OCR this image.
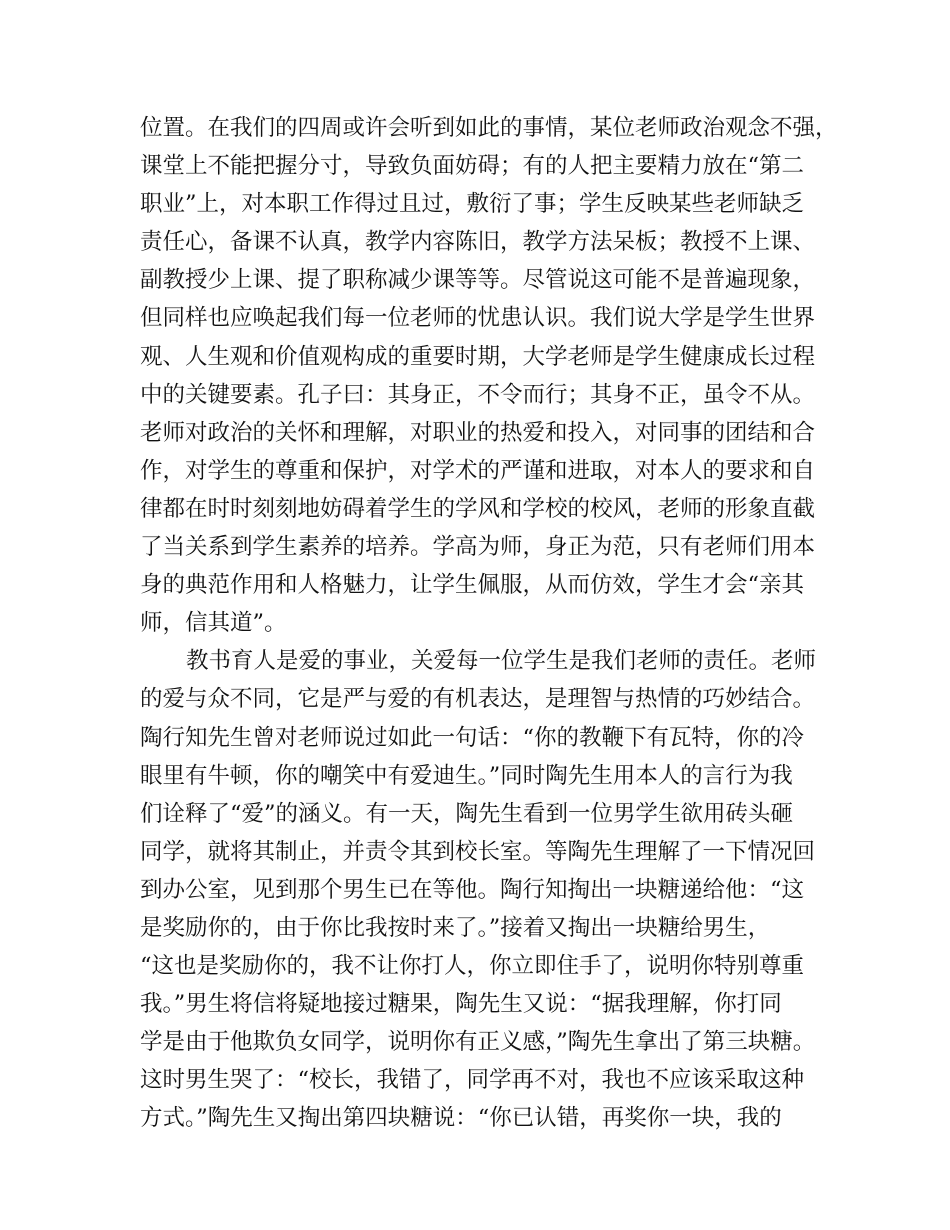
位置。在我们的四周或许会听到如此的事情，某位老师政治观念不强，
课堂上不能把握分寸，导致负面妨碍；有的人把主要精力放在“第二
职业”上，对本职工作得过且过，敷衍了事；学生反映某些老师缺乏
责任心，备课不认真，教学内容陈旧，教学方法呆板；教授不上课、
副教授少上课、提了职称减少课等等。尽管说这可能不是普遍现象，
但同样也应唤起我们每一位老师的忧患认识。我们说大学是学生世界
观、人生观和价值观构成的重要时期，大学老师是学生健康成长过程
中的关键要素。孔子曰：其身正，不令而行；其身不正，虽令不从。
老师对政治的关怀和理解，对职业的热爱和投入，对同事的团结和合
作，对学生的尊重和保护，对学术的严谨和进取，对本人的要求和自
律都在时时刻刻地妨碍着学生的学风和学校的校风，老师的形象直截
了当关系到学生素养的培养。学高为师，身正为范，只有老师们用本
身的典范作用和人格魅力，让学生佩服，从而仿效，学生才会“亲其
师，信其道”。
教书育人是爱的事业，关爱每一位学生是我们老师的责任。老师
的爱与众不同，它是严与爱的有机表达，是理智与热情的巧妙结合。
陶行知先生曾对老师说过如此一句话：“你的教鞭下有瓦特，你的冷
眼里有牛顿，你的嘲笑中有爱迪生。”同时陶先生用本人的言行为我
们诠释了“爱”的涵义。有一天，陶先生看到一位男学生欲用砖头砸
同学，就将其制止，并责令其到校长室。等陶先生理解了一下情况回
到办公室，见到那个男生已在等他。陶行知掏出一块糖递给他：“这
是奖励你的，由于你比我按时来了。”接着又掏出一块糖给男生，
“这也是奖励你的，我不让你打人，你立即住手了，说明你特别尊重
我。”男生将信将疑地接过糖果，陶先生又说：“据我理解，你打同
学是由于他欺负女同学，说明你有正义感，”陶先生拿出了第三块糖。
这时男生哭了：“校长，我错了，同学再不对，我也不应该采取这种
方式。”陶先生又掏出第四块糖说：“你已认错，再奖你一块，我的
